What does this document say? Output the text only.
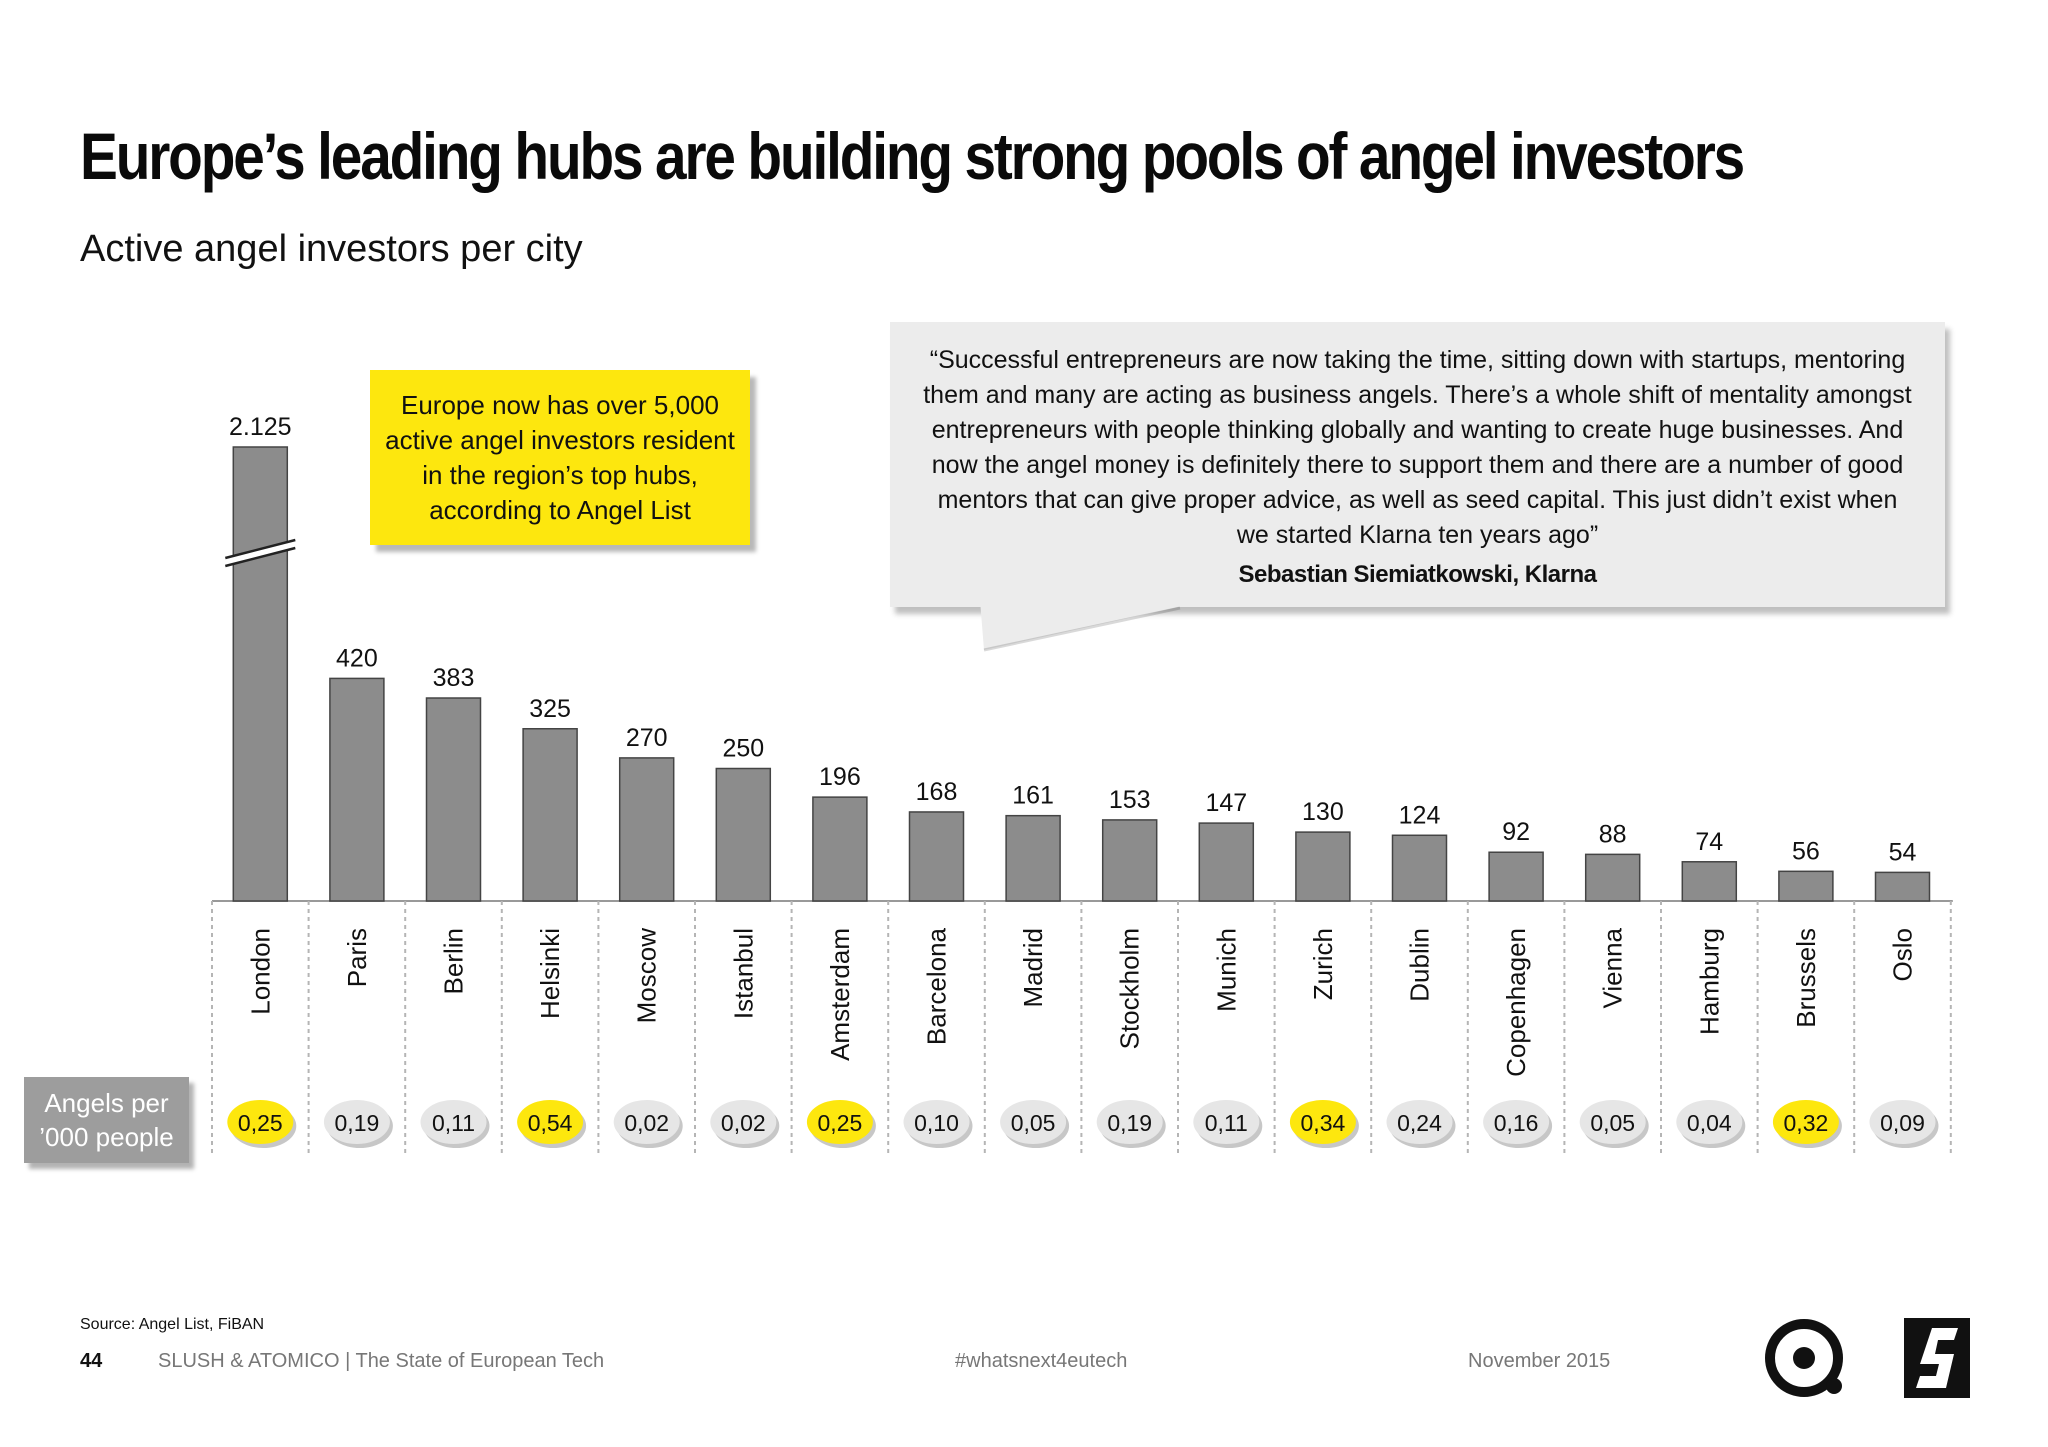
Europe’s leading hubs are building strong pools of angel investors
Active angel investors per city
2.125
London
0,25
420
Paris
0,19
383
Berlin
0,11
325
Helsinki
0,54
270
Moscow
0,02
250
Istanbul
0,02
196
Amsterdam
0,25
168
Barcelona
0,10
161
Madrid
0,05
153
Stockholm
0,19
147
Munich
0,11
130
Zurich
0,34
124
Dublin
0,24
92
Copenhagen
0,16
88
Vienna
0,05
74
Hamburg
0,04
56
Brussels
0,32
54
Oslo
0,09
Europe now has over 5,000 active angel investors resident in the region’s top hubs, according to Angel List

“Successful entrepreneurs are now taking the time, sitting down with startups, mentoring them and many are acting as business angels. There’s a whole shift of mentality amongst entrepreneurs with people thinking globally and wanting to create huge businesses. And now the angel money is definitely there to support them and there are a number of good mentors that can give proper advice, as well as seed capital. This just didn’t exist when we started Klarna ten years ago”

Sebastian Siemiatkowski, Klarna
Angels per ’000 people
Source: Angel List, FiBAN
44	SLUSH & ATOMICO | The State of European Tech	#whatsnext4eutech	November 2015
